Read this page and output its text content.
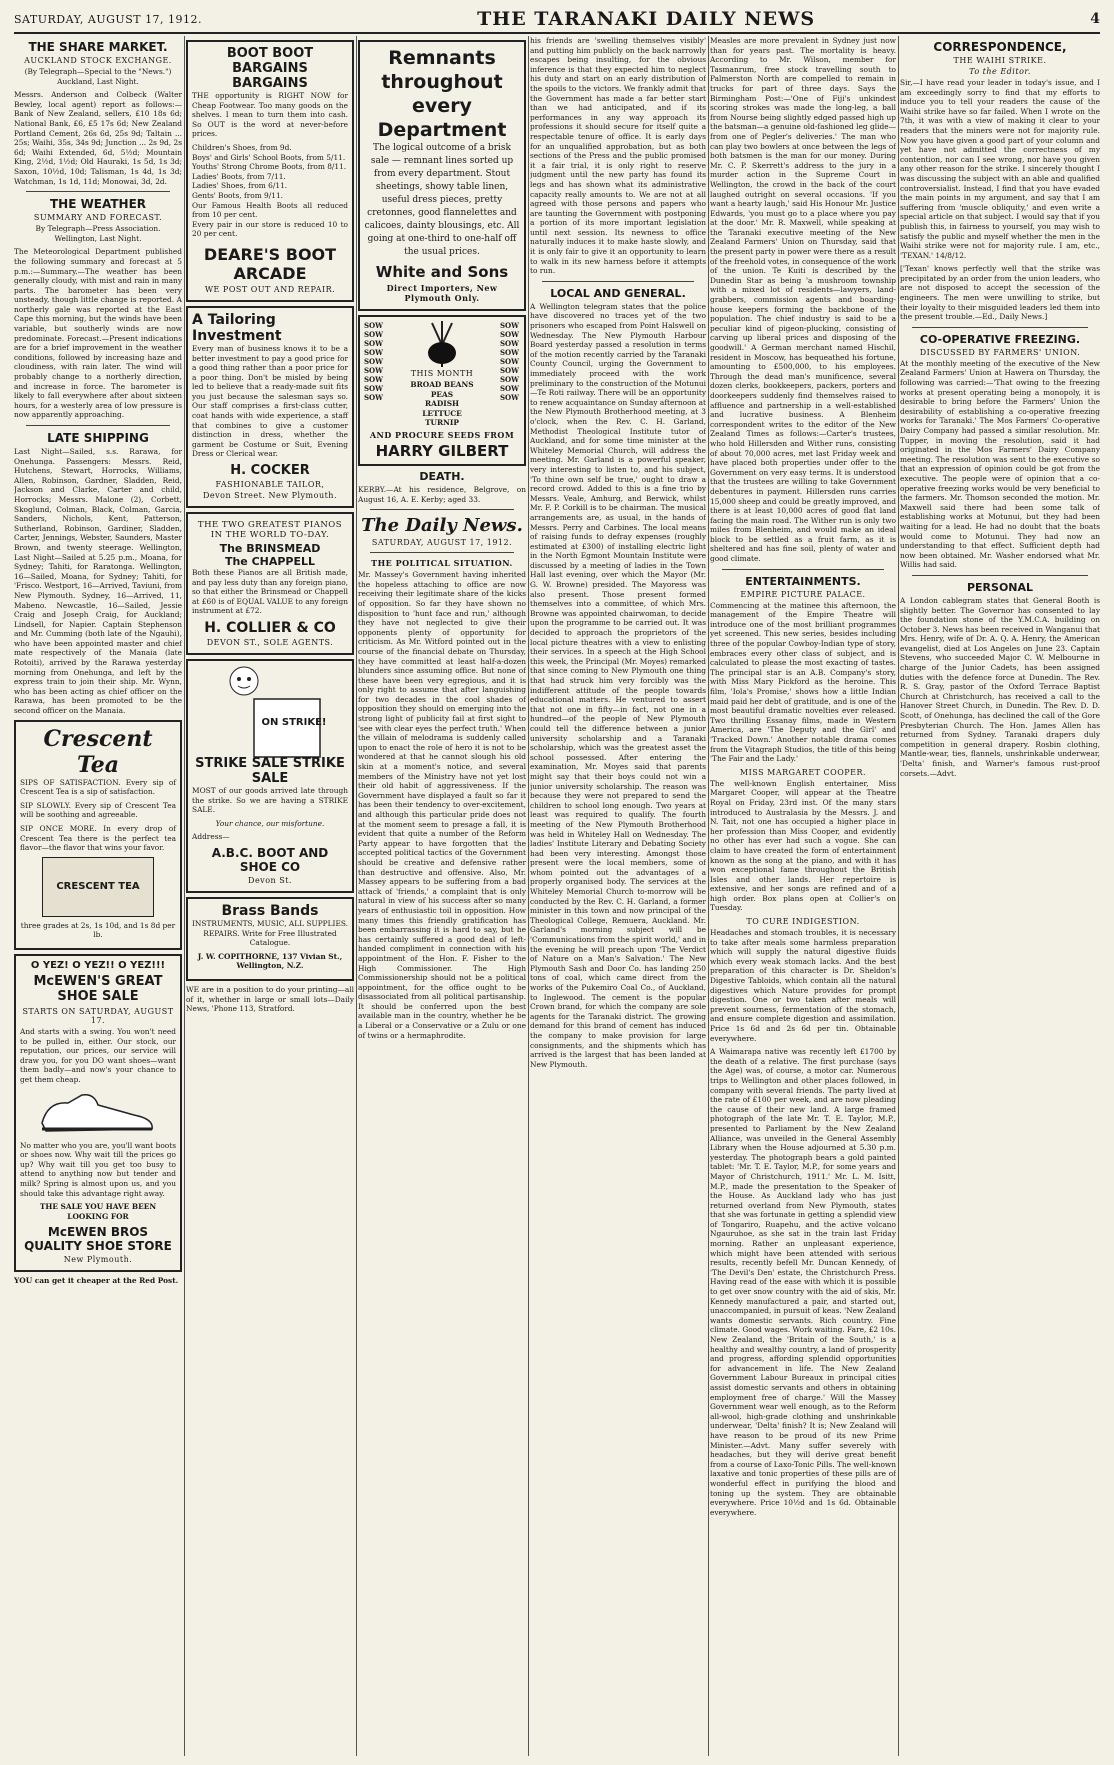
SATURDAY, AUGUST 17, 1912.	THE TARANAKI DAILY NEWS	4
THE SHARE MARKET.
AUCKLAND STOCK EXCHANGE.

(By Telegraph—Special to the "News.") Auckland, Last Night.

Messrs. Anderson and Colbeck (Walter Bewley, local agent) report as follows:—Bank of New Zealand, sellers, £10 18s 6d; National Bank, £6, £5 17s 6d; New Zealand Portland Cement, 26s 6d, 25s 9d; Taltain ... 25s; Waihi, 35s, 34s 9d; Junction ... 2s 9d, 2s 6d; Waihi Extended, 6d, 5½d; Mountain King, 2½d, 1½d; Old Hauraki, 1s 5d, 1s 3d; Saxon, 10½d, 10d; Talisman, 1s 4d, 1s 3d; Watchman, 1s 1d, 11d; Monowai, 3d, 2d.

THE WEATHER
SUMMARY AND FORECAST.

By Telegraph—Press Association. Wellington, Last Night.

The Meteorological Department published the following summary and forecast at 5 p.m.:—Summary.—The weather has been generally cloudy, with mist and rain in many parts. The barometer has been very unsteady, though little change is reported. A northerly gale was reported at the East Cape this morning, but the winds have been variable, but southerly winds are now predominate. Forecast.—Present indications are for a brief improvement in the weather conditions, followed by increasing haze and cloudiness, with rain later. The wind will probably change to a northerly direction, and increase in force. The barometer is likely to fall everywhere after about sixteen hours, for a westerly area of low pressure is now apparently approaching.

LATE SHIPPING

Last Night—Sailed, s.s. Rarawa, for Onehunga. Passengers: Messrs. Reid, Hutchens, Stewart, Horrocks, Williams, Allen, Robinson, Gardner, Sladden, Reid, Jackson and Clarke, Carter and child, Horrocks; Messrs. Malone (2), Corbett, Skoglund, Colman, Black, Colman, Garcia, Sanders, Nichols, Kent, Patterson, Sutherland, Robinson, Gardiner, Sladden, Carter, Jennings, Webster, Saunders, Master Brown, and twenty steerage. Wellington, Last Night—Sailed at 5.25 p.m., Moana, for Sydney; Tahiti, for Raratonga. Wellington, 16—Sailed, Moana, for Sydney; Tahiti, for 'Frisco. Westport, 16—Arrived, Taviuni, from New Plymouth. Sydney, 16—Arrived, 11, Mabeno. Newcastle, 16—Sailed, Jessie Craig and Joseph Craig, for Auckland; Lindsell, for Napier. Captain Stephenson and Mr. Cumming (both late of the Ngauhi), who have been appointed master and chief mate respectively of the Manaia (late Rotoiti), arrived by the Rarawa yesterday morning from Onehunga, and left by the express train to join their ship. Mr. Wynn, who has been acting as chief officer on the Rarawa, has been promoted to be the second officer on the Manaia.

Crescent Tea

SIPS OF SATISFACTION. Every sip of Crescent Tea is a sip of satisfaction.

SIP SLOWLY. Every sip of Crescent Tea will be soothing and agreeable.

SIP ONCE MORE. In every drop of Crescent Tea there is the perfect tea flavor—the flavor that wins your favor.

CRESCENT TEA

three grades at 2s, 1s 10d, and 1s 8d per lb.

O YEZ! O YEZ!! O YEZ!!!
McEWEN'S GREAT SHOE SALE
STARTS ON SATURDAY, AUGUST 17.

And starts with a swing. You won't need to be pulled in, either. Our stock, our reputation, our prices, our service will draw you, for you DO want shoes—want them badly—and now's your chance to get them cheap.

No matter who you are, you'll want boots or shoes now. Why wait till the prices go up? Why wait till you get too busy to attend to anything now but tender and milk? Spring is almost upon us, and you should take this advantage right away.

THE SALE YOU HAVE BEEN LOOKING FOR

McEWEN BROS QUALITY SHOE STORE
New Plymouth.

YOU can get it cheaper at the Red Post.

BOOT BOOT BARGAINS BARGAINS

THE opportunity is RIGHT NOW for Cheap Footwear. Too many goods on the shelves. I mean to turn them into cash. So OUT is the word at never-before prices.

Children's Shoes, from 9d.

Boys' and Girls' School Boots, from 5/11.

Youths' Strong Chrome Boots, from 8/11.

Ladies' Boots, from 7/11.

Ladies' Shoes, from 6/11.

Gents' Boots, from 9/11.

Our Famous Health Boots all reduced from 10 per cent.

Every pair in our store is reduced 10 to 20 per cent.

DEARE'S BOOT ARCADE
WE POST OUT AND REPAIR.
A Tailoring Investment

Every man of business knows it to be a better investment to pay a good price for a good thing rather than a poor price for a poor thing. Don't be misled by being led to believe that a ready-made suit fits you just because the salesman says so. Our staff comprises a first-class cutter, coat hands with wide experience, a staff that combines to give a customer distinction in dress, whether the garment be Costume or Suit, Evening Dress or Clerical wear.

H. COCKER
FASHIONABLE TAILOR,
Devon Street. New Plymouth.
THE TWO GREATEST PIANOS IN THE WORLD TO-DAY.
The BRINSMEAD
The CHAPPELL

Both these Pianos are all British made, and pay less duty than any foreign piano, so that either the Brinsmead or Chappell at £60 is of EQUAL VALUE to any foreign instrument at £72.

H. COLLIER & CO
DEVON ST., SOLE AGENTS.
ON STRIKE!
STRIKE SALE STRIKE SALE

MOST of our goods arrived late through the strike. So we are having a STRIKE SALE.

Your chance, our misfortune.

Address—

A.B.C. BOOT AND SHOE CO
Devon St.
Brass Bands

INSTRUMENTS, MUSIC, ALL SUPPLIES. REPAIRS. Write for Free Illustrated Catalogue.

J. W. COPITHORNE, 137 Vivian St., Wellington, N.Z.

WE are in a position to do your printing—all of it, whether in large or small lots—Daily News, 'Phone 113, Stratford.

Remnants throughout every Department

The logical outcome of a brisk sale — remnant lines sorted up from every department. Stout sheetings, showy table linen, useful dress pieces, pretty cretonnes, good flannelettes and calicoes, dainty blousings, etc. All going at one-third to one-half off the usual prices.

White and Sons
Direct Importers, New Plymouth Only.
SOW
SOW
SOW
SOW
SOW
SOW
SOW
SOW
SOW
THIS MONTH
BROAD BEANS
PEAS
RADISH
LETTUCE
TURNIP
SOW
SOW
SOW
SOW
SOW
SOW
SOW
SOW
SOW
AND PROCURE SEEDS FROM
HARRY GILBERT
DEATH.

KERBY.—At his residence, Belgrove, on August 16, A. E. Kerby; aged 33.

The Daily News.
SATURDAY, AUGUST 17, 1912.
THE POLITICAL SITUATION.

Mr. Massey's Government having inherited the hopeless attaching to office are now receiving their legitimate share of the kicks of opposition. So far they have shown no disposition to 'hunt face and run,' although they have not neglected to give their opponents plenty of opportunity for criticism. As Mr. Witford pointed out in the course of the financial debate on Thursday, they have committed at least half-a-dozen blunders since assuming office. But none of these have been very egregious, and it is only right to assume that after languishing for two decades in the cool shades of opposition they should on emerging into the strong light of publicity fail at first sight to 'see with clear eyes the perfect truth.' When the villain of melodrama is suddenly called upon to enact the role of hero it is not to be wondered at that he cannot slough his old skin at a moment's notice, and several members of the Ministry have not yet lost their old habit of aggressiveness. If the Government have displayed a fault so far it has been their tendency to over-excitement, and although this particular pride does not at the moment seem to presage a fall, it is evident that quite a number of the Reform Party appear to have forgotten that the accepted political tactics of the Government should be creative and defensive rather than destructive and offensive. Also, Mr. Massey appears to be suffering from a bad attack of 'friends,' a complaint that is only natural in view of his success after so many years of enthusiastic toil in opposition. How many times this friendly gratification has been embarrassing it is hard to say, but he has certainly suffered a good deal of left-handed compliment in connection with his appointment of the Hon. F. Fisher to the High Commissioner. The High Commissionership should not be a political appointment, for the office ought to be disassociated from all political partisanship. It should be conferred upon the best available man in the country, whether he be a Liberal or a Conservative or a Zulu or one of twins or a hermaphrodite.

his friends are 'swelling themselves visibly' and putting him publicly on the back narrowly escapes being insulting, for the obvious inference is that they expected him to neglect his duty and start on an early distribution of the spoils to the victors. We frankly admit that the Government has made a far better start than we had anticipated, and if its performances in any way approach its professions it should secure for itself quite a respectable tenure of office. It is early days for an unqualified approbation, but as both sections of the Press and the public promised it a fair trial, it is only right to reserve judgment until the new party has found its legs and has shown what its administrative capacity really amounts to. We are not at all agreed with those persons and papers who are taunting the Government with postponing a portion of its more important legislation until next session. Its newness to office naturally induces it to make haste slowly, and it is only fair to give it an opportunity to learn to walk in its new harness before it attempts to run.

LOCAL AND GENERAL.

A Wellington telegram states that the police have discovered no traces yet of the two prisoners who escaped from Point Halswell on Wednesday. The New Plymouth Harbour Board yesterday passed a resolution in terms of the motion recently carried by the Taranaki County Council, urging the Government to immediately proceed with the work preliminary to the construction of the Motunui—Te Roti railway. There will be an opportunity to renew acquaintance on Sunday afternoon at the New Plymouth Brotherhood meeting, at 3 o'clock, when the Rev. C. H. Garland, Methodist Theological Institute tutor of Auckland, and for some time minister at the Whiteley Memorial Church, will address the meeting. Mr. Garland is a powerful speaker, very interesting to listen to, and his subject, 'To thine own self be true,' ought to draw a record crowd. Added to this is a fine trio by Messrs. Veale, Amhurg, and Berwick, whilst Mr. F. P. Corkill is to be chairman. The musical arrangements are, as usual, in the hands of Messrs. Perry and Carbines. The local means of raising funds to defray expenses (roughly estimated at £300) of installing electric light in the North Egmont Mountain Institute were discussed by a meeting of ladies in the Town Hall last evening, over which the Mayor (Mr. G. W. Browne) presided. The Mayoress was also present. Those present formed themselves into a committee, of which Mrs. Browne was appointed chairwoman, to decide upon the programme to be carried out. It was decided to approach the proprietors of the local picture theatres with a view to enlisting their services. In a speech at the High School this week, the Principal (Mr. Moyes) remarked that since coming to New Plymouth one thing that had struck him very forcibly was the indifferent attitude of the people towards educational matters. He ventured to assert that not one in fifty—in fact, not one in a hundred—of the people of New Plymouth could tell the difference between a junior university scholarship and a Taranaki scholarship, which was the greatest asset the school possessed. After entering the examination, Mr. Moyes said that parents might say that their boys could not win a junior university scholarship. The reason was because they were not prepared to send the children to school long enough. Two years at least was required to qualify. The fourth meeting of the New Plymouth Brotherhood was held in Whiteley Hall on Wednesday. The ladies' Institute Literary and Debating Society had been very interesting. Amongst those present were the local members, some of whom pointed out the advantages of a properly organised body. The services at the Whiteley Memorial Church to-morrow will be conducted by the Rev. C. H. Garland, a former minister in this town and now principal of the Theological College, Remuera, Auckland. Mr. Garland's morning subject will be 'Communications from the spirit world,' and in the evening he will preach upon 'The Verdict of Nature on a Man's Salvation.' The New Plymouth Sash and Door Co. has landing 250 tons of coal, which came direct from the works of the Pukemiro Coal Co., of Auckland, to Inglewood. The cement is the popular Crown brand, for which the company are sole agents for the Taranaki district. The growing demand for this brand of cement has induced the company to make provision for large consignments, and the shipments which has arrived is the largest that has been landed at New Plymouth.

Measles are more prevalent in Sydney just now than for years past. The mortality is heavy. According to Mr. Wilson, member for Tasmanrum, free stock travelling south to Palmerston North are compelled to remain in trucks for part of three days. Says the Birmingham Post:—'One of Fiji's unkindest scoring strokes was made the long-leg, a ball from Nourse being slightly edged passed high up the batsman—a genuine old-fashioned leg glide—from one of Pegler's deliveries.' The man who can play two bowlers at once between the legs of both batsmen is the man for our money. During Mr. C. P. Skerrett's address to the jury in a murder action in the Supreme Court in Wellington, the crowd in the back of the court laughed outright on several occasions. 'If you want a hearty laugh,' said His Honour Mr. Justice Edwards, 'you must go to a place where you pay at the door.' Mr. R. Maxwell, while speaking at the Taranaki executive meeting of the New Zealand Farmers' Union on Thursday, said that the present party in power were there as a result of the freehold votes, in consequence of the work of the union. Te Kuiti is described by the Dunedin Star as being 'a mushroom township with a mixed lot of residents—lawyers, land-grabbers, commission agents and boarding-house keepers forming the backbone of the population. The chief industry is said to be a peculiar kind of pigeon-plucking, consisting of carving up liberal prices and disposing of the goodwill.' A German merchant named Hischil, resident in Moscow, has bequeathed his fortune, amounting to £500,000, to his employees. Through the dead man's munificence, several dozen clerks, bookkeepers, packers, porters and doorkeepers suddenly find themselves raised to affluence and partnership in a well-established and lucrative business. A Blenheim correspondent writes to the editor of the New Zealand Times as follows:—Carter's trustees, who hold Hillersden and Wither runs, consisting of about 70,000 acres, met last Friday week and have placed both properties under offer to the Government on very easy terms. It is understood that the trustees are willing to take Government debentures in payment. Hillersden runs carries 15,000 sheep and could be greatly improved, and there is at least 10,000 acres of good flat land facing the main road. The Wither run is only two miles from Blenheim, and would make an ideal block to be settled as a fruit farm, as it is sheltered and has fine soil, plenty of water and good climate.

ENTERTAINMENTS.
EMPIRE PICTURE PALACE.

Commencing at the matinee this afternoon, the management of the Empire Theatre will introduce one of the most brilliant programmes yet screened. This new series, besides including three of the popular Cowboy-Indian type of story, embraces every other class of subject, and is calculated to please the most exacting of tastes. The principal star is an A.B. Company's story, with Miss Mary Pickford as the heroine. This film, 'Iola's Promise,' shows how a little Indian maid paid her debt of gratitude, and is one of the most beautiful dramatic novelties ever released. Two thrilling Essanay films, made in Western America, are 'The Deputy and the Girl' and 'Tracked Down.' Another notable drama comes from the Vitagraph Studios, the title of this being 'The Fair and the Lady.'

MISS MARGARET COOPER.

The well-known English entertainer, Miss Margaret Cooper, will appear at the Theatre Royal on Friday, 23rd inst. Of the many stars introduced to Australasia by the Messrs. J. and N. Tait, not one has occupied a higher place in her profession than Miss Cooper, and evidently no other has ever had such a vogue. She can claim to have created the form of entertainment known as the song at the piano, and with it has won exceptional fame throughout the British Isles and other lands. Her repertoire is extensive, and her songs are refined and of a high order. Box plans open at Collier's on Tuesday.

TO CURE INDIGESTION.

Headaches and stomach troubles, it is necessary to take after meals some harmless preparation which will supply the natural digestive fluids which every weak stomach lacks. And the best preparation of this character is Dr. Sheldon's Digestive Tabloids, which contain all the natural digestives which Nature provides for prompt digestion. One or two taken after meals will prevent sourness, fermentation of the stomach, and ensure complete digestion and assimilation. Price 1s 6d and 2s 6d per tin. Obtainable everywhere.

A Waimarapa native was recently left £1700 by the death of a relative. The first purchase (says the Age) was, of course, a motor car. Numerous trips to Wellington and other places followed, in company with several friends. The party lived at the rate of £100 per week, and are now pleading the cause of their new land. A large framed photograph of the late Mr. T. E. Taylor, M.P., presented to Parliament by the New Zealand Alliance, was unveiled in the General Assembly Library when the House adjourned at 5.30 p.m. yesterday. The photograph bears a gold painted tablet: 'Mr. T. E. Taylor, M.P., for some years and Mayor of Christchurch, 1911.' Mr. L. M. Isitt, M.P., made the presentation to the Speaker of the House. As Auckland lady who has just returned overland from New Plymouth, states that she was fortunate in getting a splendid view of Tongariro, Ruapehu, and the active volcano Ngauruhoe, as she sat in the train last Friday morning. Rather an unpleasant experience, which might have been attended with serious results, recently befell Mr. Duncan Kennedy, of 'The Devil's Den' estate, the Christchurch Press. Having read of the ease with which it is possible to get over snow country with the aid of skis, Mr. Kennedy manufactured a pair, and started out, unaccompanied, in pursuit of keas. 'New Zealand wants domestic servants. Rich country. Fine climate. Good wages. Work waiting. Fare, £2 10s. New Zealand, the 'Britain of the South,' is a healthy and wealthy country, a land of prosperity and progress, affording splendid opportunities for advancement in life. The New Zealand Government Labour Bureaux in principal cities assist domestic servants and others in obtaining employment free of charge.' Will the Massey Government wear well enough, as to the Reform all-wool, high-grade clothing and unshrinkable underwear, 'Delta' finish? It is; New Zealand will have reason to be proud of its new Prime Minister.—Advt. Many suffer severely with headaches, but they will derive great benefit from a course of Laxo-Tonic Pills. The well-known laxative and tonic properties of these pills are of wonderful effect in purifying the blood and toning up the system. They are obtainable everywhere. Price 10½d and 1s 6d. Obtainable everywhere.

CORRESPONDENCE,
THE WAIHI STRIKE.
To the Editor.

Sir,—I have read your leader in today's issue, and I am exceedingly sorry to find that my efforts to induce you to tell your readers the cause of the Waihi strike have so far failed. When I wrote on the 7th, it was with a view of making it clear to your readers that the miners were not for majority rule. Now you have given a good part of your column and yet have not admitted the correctness of my contention, nor can I see wrong, nor have you given any other reason for the strike. I sincerely thought I was discussing the subject with an able and qualified controversialist. Instead, I find that you have evaded the main points in my argument, and say that I am suffering from 'muscle obliquity,' and even write a special article on that subject. I would say that if you publish this, in fairness to yourself, you may wish to satisfy the public and myself whether the men in the Waihi strike were not for majority rule. I am, etc., 'TEXAN.' 14/8/12.

['Texan' knows perfectly well that the strike was precipitated by an order from the union leaders, who are not disposed to accept the secession of the engineers. The men were unwilling to strike, but their loyalty to their misguided leaders led them into the present trouble.—Ed., Daily News.]

CO-OPERATIVE FREEZING.
DISCUSSED BY FARMERS' UNION.

At the monthly meeting of the executive of the New Zealand Farmers' Union at Hawera on Thursday, the following was carried:—'That owing to the freezing works at present operating being a monopoly, it is desirable to bring before the Farmers' Union the desirability of establishing a co-operative freezing works for Taranaki.' The Mos Farmers' Co-operative Dairy Company had passed a similar resolution. Mr. Tupper, in moving the resolution, said it had originated in the Mos Farmers' Dairy Company meeting. The resolution was sent to the executive so that an expression of opinion could be got from the executive. The people were of opinion that a co-operative freezing works would be very beneficial to the farmers. Mr. Thomson seconded the motion. Mr. Maxwell said there had been some talk of establishing works at Motunui, but they had been waiting for a lead. He had no doubt that the boats would come to Motunui. They had now an understanding to that effect. Sufficient depth had now been obtained. Mr. Washer endorsed what Mr. Willis had said.

PERSONAL

A London cablegram states that General Booth is slightly better. The Governor has consented to lay the foundation stone of the Y.M.C.A. building on October 3. News has been received in Wanganui that Mrs. Henry, wife of Dr. A. Q. A. Henry, the American evangelist, died at Los Angeles on June 23. Captain Stevens, who succeeded Major C. W. Melbourne in charge of the Junior Cadets, has been assigned duties with the defence force at Dunedin. The Rev. R. S. Gray, pastor of the Oxford Terrace Baptist Church at Christchurch, has received a call to the Hanover Street Church, in Dunedin. The Rev. D. D. Scott, of Onehunga, has declined the call of the Gore Presbyterian Church. The Hon. James Allen has returned from Sydney. Taranaki drapers duly competition in general drapery. Rosbin clothing, Mantle-wear, ties, flannels, unshrinkable underwear, 'Delta' finish, and Warner's famous rust-proof corsets.—Advt.
